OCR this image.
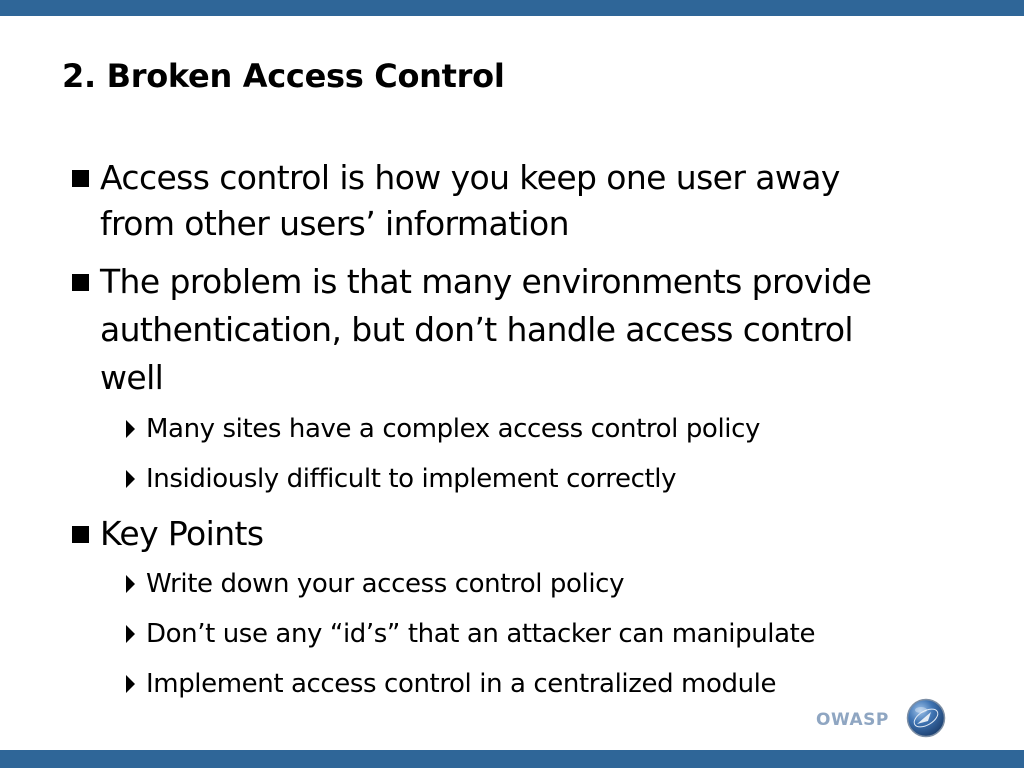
2. Broken Access Control
Access control is how you keep one user away
from other users’ information
The problem is that many environments provide
authentication, but don’t handle access control
well
Many sites have a complex access control policy
Insidiously difficult to implement correctly
Key Points
Write down your access control policy
Don’t use any “id’s” that an attacker can manipulate
Implement access control in a centralized module
OWASP
